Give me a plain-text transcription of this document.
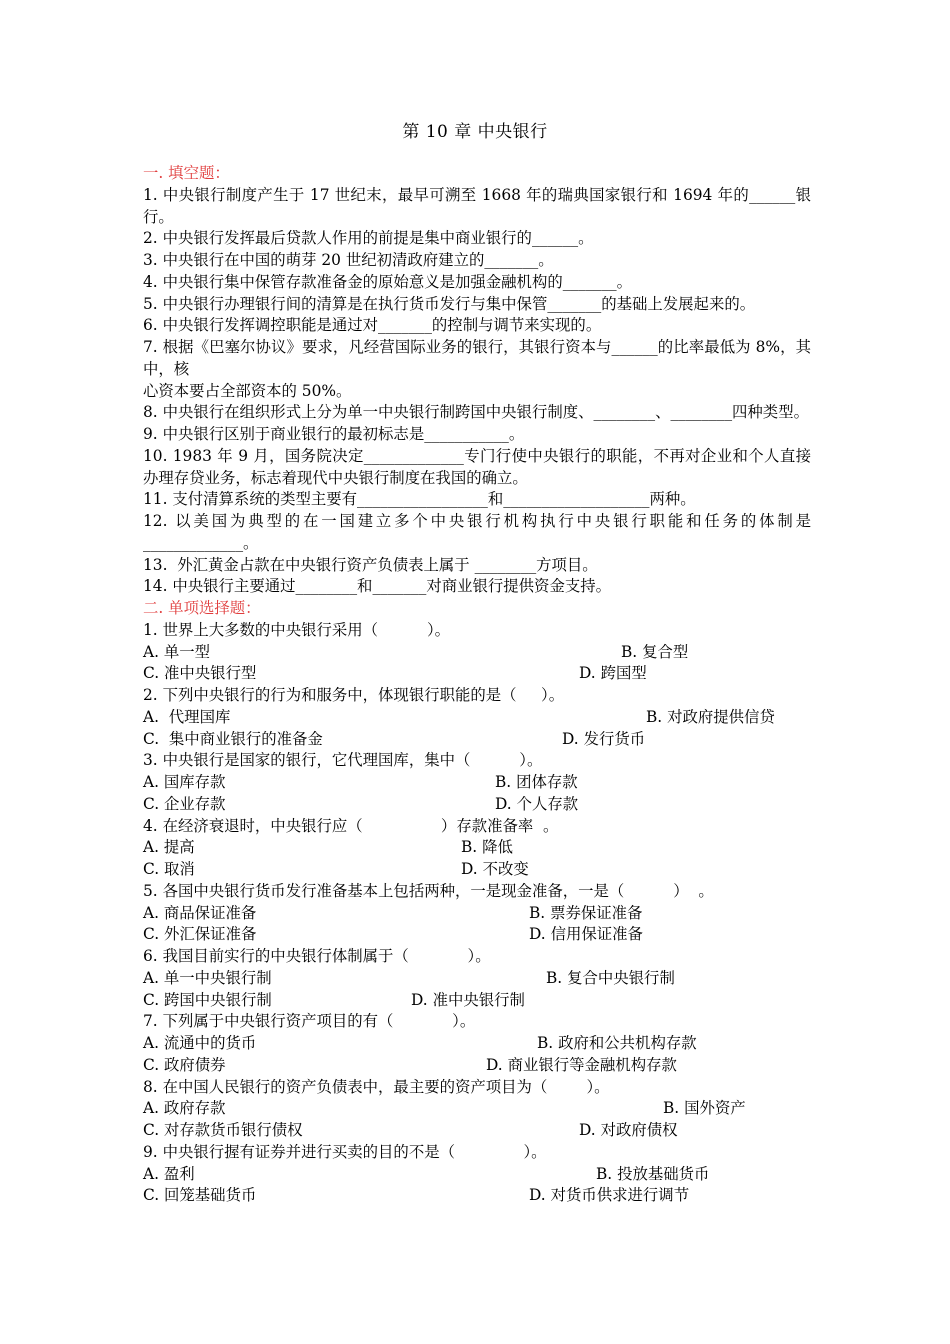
第 10 章 中央银行
一. 填空题：
1. 中央银行制度产生于 17 世纪末，最早可溯至 1668 年的瑞典国家银行和 1694 年的______银行。
2. 中央银行发挥最后贷款人作用的前提是集中商业银行的______。
3. 中央银行在中国的萌芽 20 世纪初清政府建立的_______。
4. 中央银行集中保管存款准备金的原始意义是加强金融机构的_______。
5. 中央银行办理银行间的清算是在执行货币发行与集中保管_______的基础上发展起来的。
6. 中央银行发挥调控职能是通过对_______的控制与调节来实现的。
7. 根据《巴塞尔协议》要求，凡经营国际业务的银行，其银行资本与______的比率最低为 8%，其中，核
心资本要占全部资本的 50%。
8. 中央银行在组织形式上分为单一中央银行制跨国中央银行制度、________、________四种类型。
9. 中央银行区别于商业银行的最初标志是___________。
10. 1983 年 9 月，国务院决定_____________专门行使中央银行的职能，不再对企业和个人直接办理存贷业务，标志着现代中央银行制度在我国的确立。
11. 支付清算系统的类型主要有_________________和___________________两种。
12. 以美国为典型的在一国建立多个中央银行机构执行中央银行职能和任务的体制是_____________。
13.  外汇黄金占款在中央银行资产负债表上属于 ________方项目。
14. 中央银行主要通过________和_______对商业银行提供资金支持。
二. 单项选择题：
1. 世界上大多数的中央银行采用（          ）。

A. 单一型

	B. 复合型

C. 准中央银行型

	D. 跨国型

2. 下列中央银行的行为和服务中，体现银行职能的是（     ）。

A.  代理国库

	B. 对政府提供信贷

C.  集中商业银行的准备金

	D. 发行货币

3. 中央银行是国家的银行，它代理国库，集中（          ）。

A. 国库存款

	B. 团体存款

C. 企业存款

	D. 个人存款

4. 在经济衰退时，中央银行应（                ）存款准备率  。

A. 提高

	B. 降低

C. 取消

	D. 不改变

5. 各国中央银行货币发行准备基本上包括两种，一是现金准备，一是（          ）  。

A. 商品保证准备

	B. 票券保证准备

C. 外汇保证准备

	D. 信用保证准备

6. 我国目前实行的中央银行体制属于（            ）。

A. 单一中央银行制

	B. 复合中央银行制

C. 跨国中央银行制

	D. 准中央银行制

7. 下列属于中央银行资产项目的有（            ）。

A. 流通中的货币

	B. 政府和公共机构存款

C. 政府债券

	D. 商业银行等金融机构存款

8. 在中国人民银行的资产负债表中，最主要的资产项目为（        ）。

A. 政府存款

	B. 国外资产

C. 对存款货币银行债权

	D. 对政府债权

9. 中央银行握有证券并进行买卖的目的不是（              ）。

A. 盈利

	B. 投放基础货币

C. 回笼基础货币

	D. 对货币供求进行调节
